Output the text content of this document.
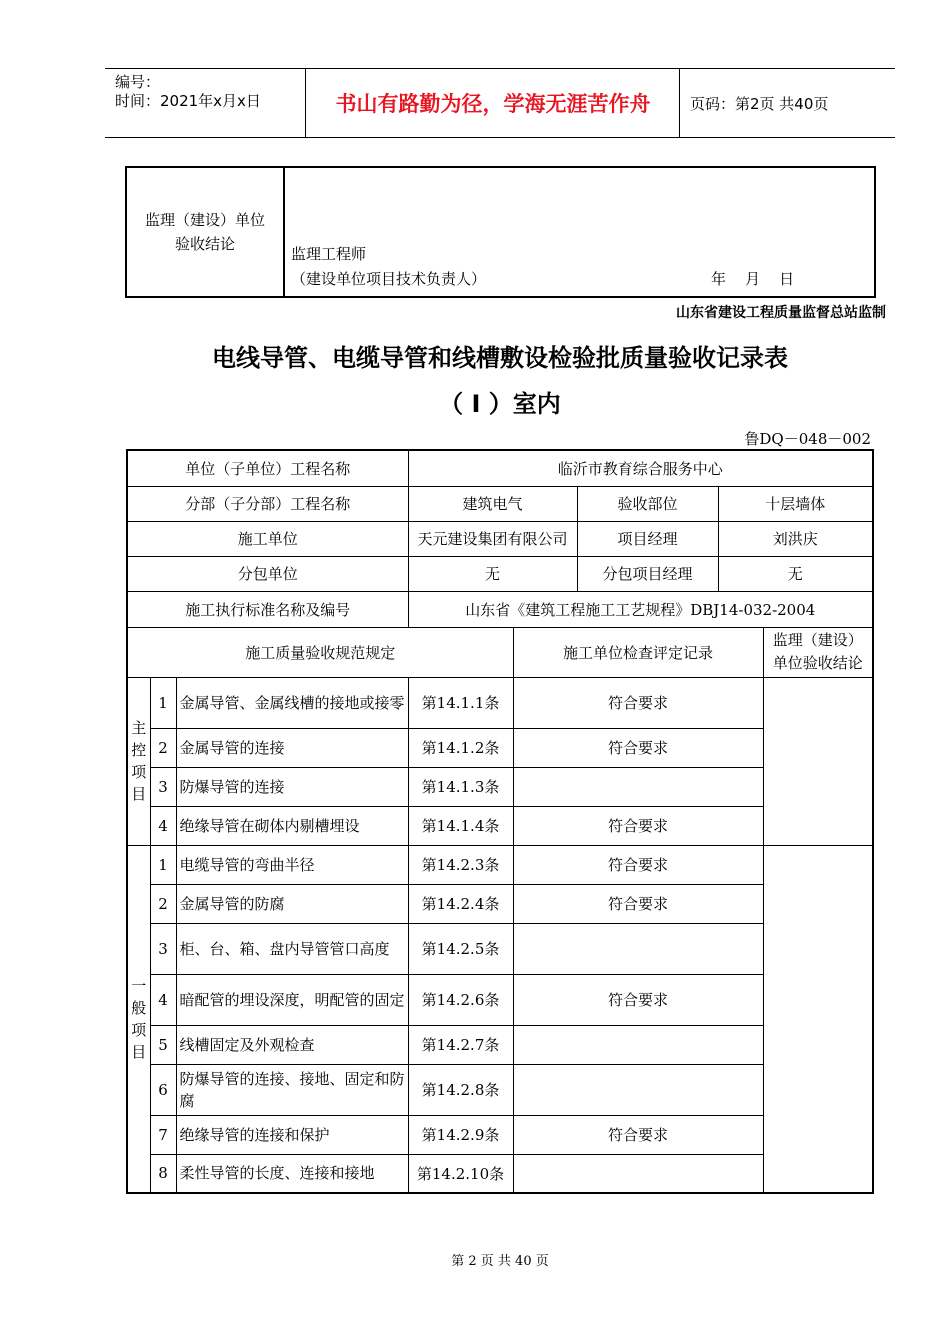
编号：
时间：2021年x月x日	书山有路勤为径，学海无涯苦作舟	页码：第2页 共40页
监理（建设）单位
验收结论

监理工程师
（建设单位项目技术负责人）	年    月    日
山东省建设工程质量监督总站监制
电线导管、电缆导管和线槽敷设检验批质量验收记录表
（ Ⅰ ）室内
鲁DQ－048－002
单位（子单位）工程名称			临沂市教育综合服务中心				
分部（子分部）工程名称			建筑电气		验收部位	十层墙体	
施工单位			天元建设集团有限公司		项目经理	刘洪庆	
分包单位			无		分包项目经理	无	
施工执行标准名称及编号			山东省《建筑工程施工工艺规程》DBJ14-032-2004				
施工质量验收规范规定				施工单位检查评定记录			监理（建设）
单位验收结论

主
控
项
目	1	金属导管、金属线槽的接地或接零	第14.1.1条	符合要求			
	2	金属导管的连接	第14.1.2条	符合要求			
	3	防爆导管的连接	第14.1.3条				
	4	绝缘导管在砌体内剔槽埋设	第14.1.4条	符合要求			

一
般
项
目	1	电缆导管的弯曲半径	第14.2.3条	符合要求			
	2	金属导管的防腐	第14.2.4条	符合要求			
	3	柜、台、箱、盘内导管管口高度	第14.2.5条				
	4	暗配管的埋设深度，明配管的固定	第14.2.6条	符合要求			
	5	线槽固定及外观检查	第14.2.7条				
	6	防爆导管的连接、接地、固定和防腐	第14.2.8条				
	7	绝缘导管的连接和保护	第14.2.9条	符合要求			
	8	柔性导管的长度、连接和接地	第14.2.10条				
第 2 页 共 40 页
